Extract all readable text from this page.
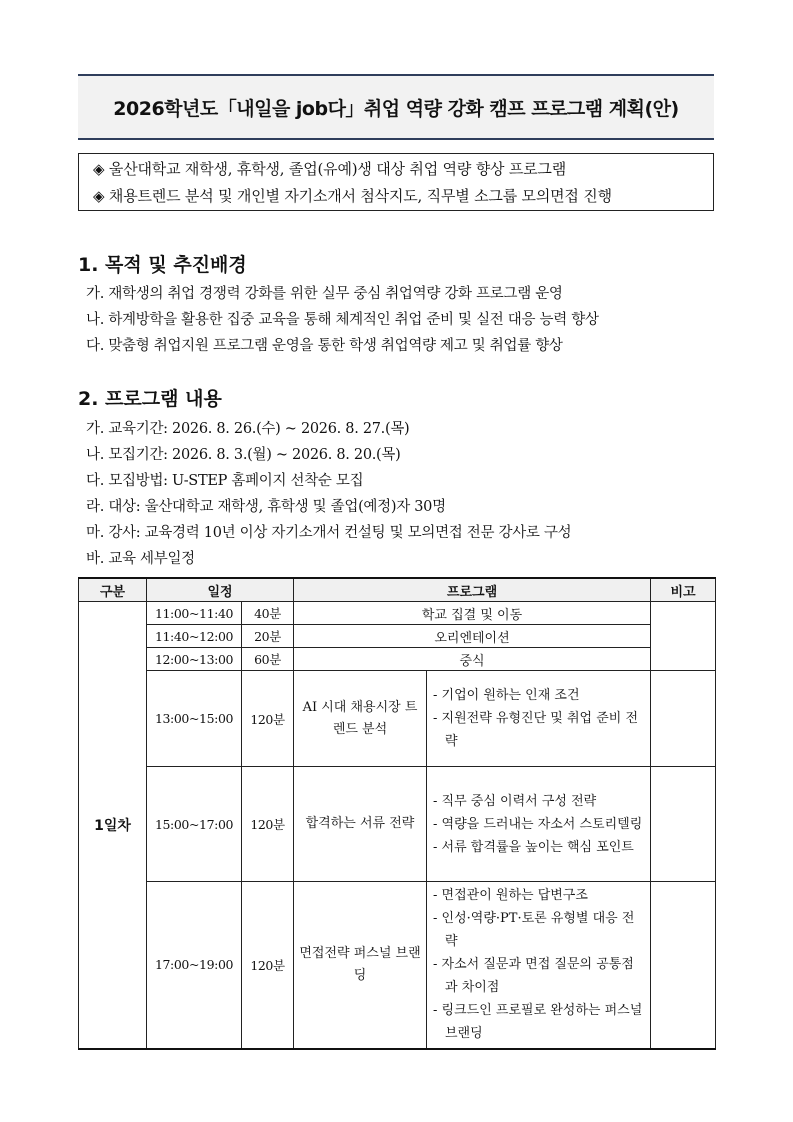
2026학년도「내일을 job다」취업 역량 강화 캠프 프로그램 계획(안)
◈ 울산대학교 재학생, 휴학생, 졸업(유예)생 대상 취업 역량 향상 프로그램
◈ 채용트렌드 분석 및 개인별 자기소개서 첨삭지도, 직무별 소그룹 모의면접 진행
1. 목적 및 추진배경
가. 재학생의 취업 경쟁력 강화를 위한 실무 중심 취업역량 강화 프로그램 운영
나. 하계방학을 활용한 집중 교육을 통해 체계적인 취업 준비 및 실전 대응 능력 향상
다. 맞춤형 취업지원 프로그램 운영을 통한 학생 취업역량 제고 및 취업률 향상
2. 프로그램 내용
가. 교육기간: 2026. 8. 26.(수) ~ 2026. 8. 27.(목)
나. 모집기간: 2026. 8. 3.(월) ~ 2026. 8. 20.(목)
다. 모집방법: U-STEP 홈페이지 선착순 모집
라. 대상: 울산대학교 재학생, 휴학생 및 졸업(예정)자 30명
마. 강사: 교육경력 10년 이상 자기소개서 컨설팅 및 모의면접 전문 강사로 구성
바. 교육 세부일정
구분	일정		프로그램		비고
1일차	11:00~11:40	40분	학교 집결 및 이동		
	11:40~12:00	20분	오리엔테이션		
	12:00~13:00	60분	중식		
	13:00~15:00	120분	AI 시대 채용시장 트렌드 분석	- 기업이 원하는 인재 조건
- 지원전략 유형진단 및 취업 준비 전략	

	15:00~17:00	120분	합격하는 서류 전략	- 직무 중심 이력서 구성 전략
- 역량을 드러내는 자소서 스토리텔링
- 서류 합격률을 높이는 핵심 포인트	

	17:00~19:00	120분	면접전략 퍼스널 브랜딩	- 면접관이 원하는 답변구조
- 인성·역량·PT·토론 유형별 대응 전략
- 자소서 질문과 면접 질문의 공통점과 차이점
- 링크드인 프로필로 완성하는 퍼스널 브랜딩	
